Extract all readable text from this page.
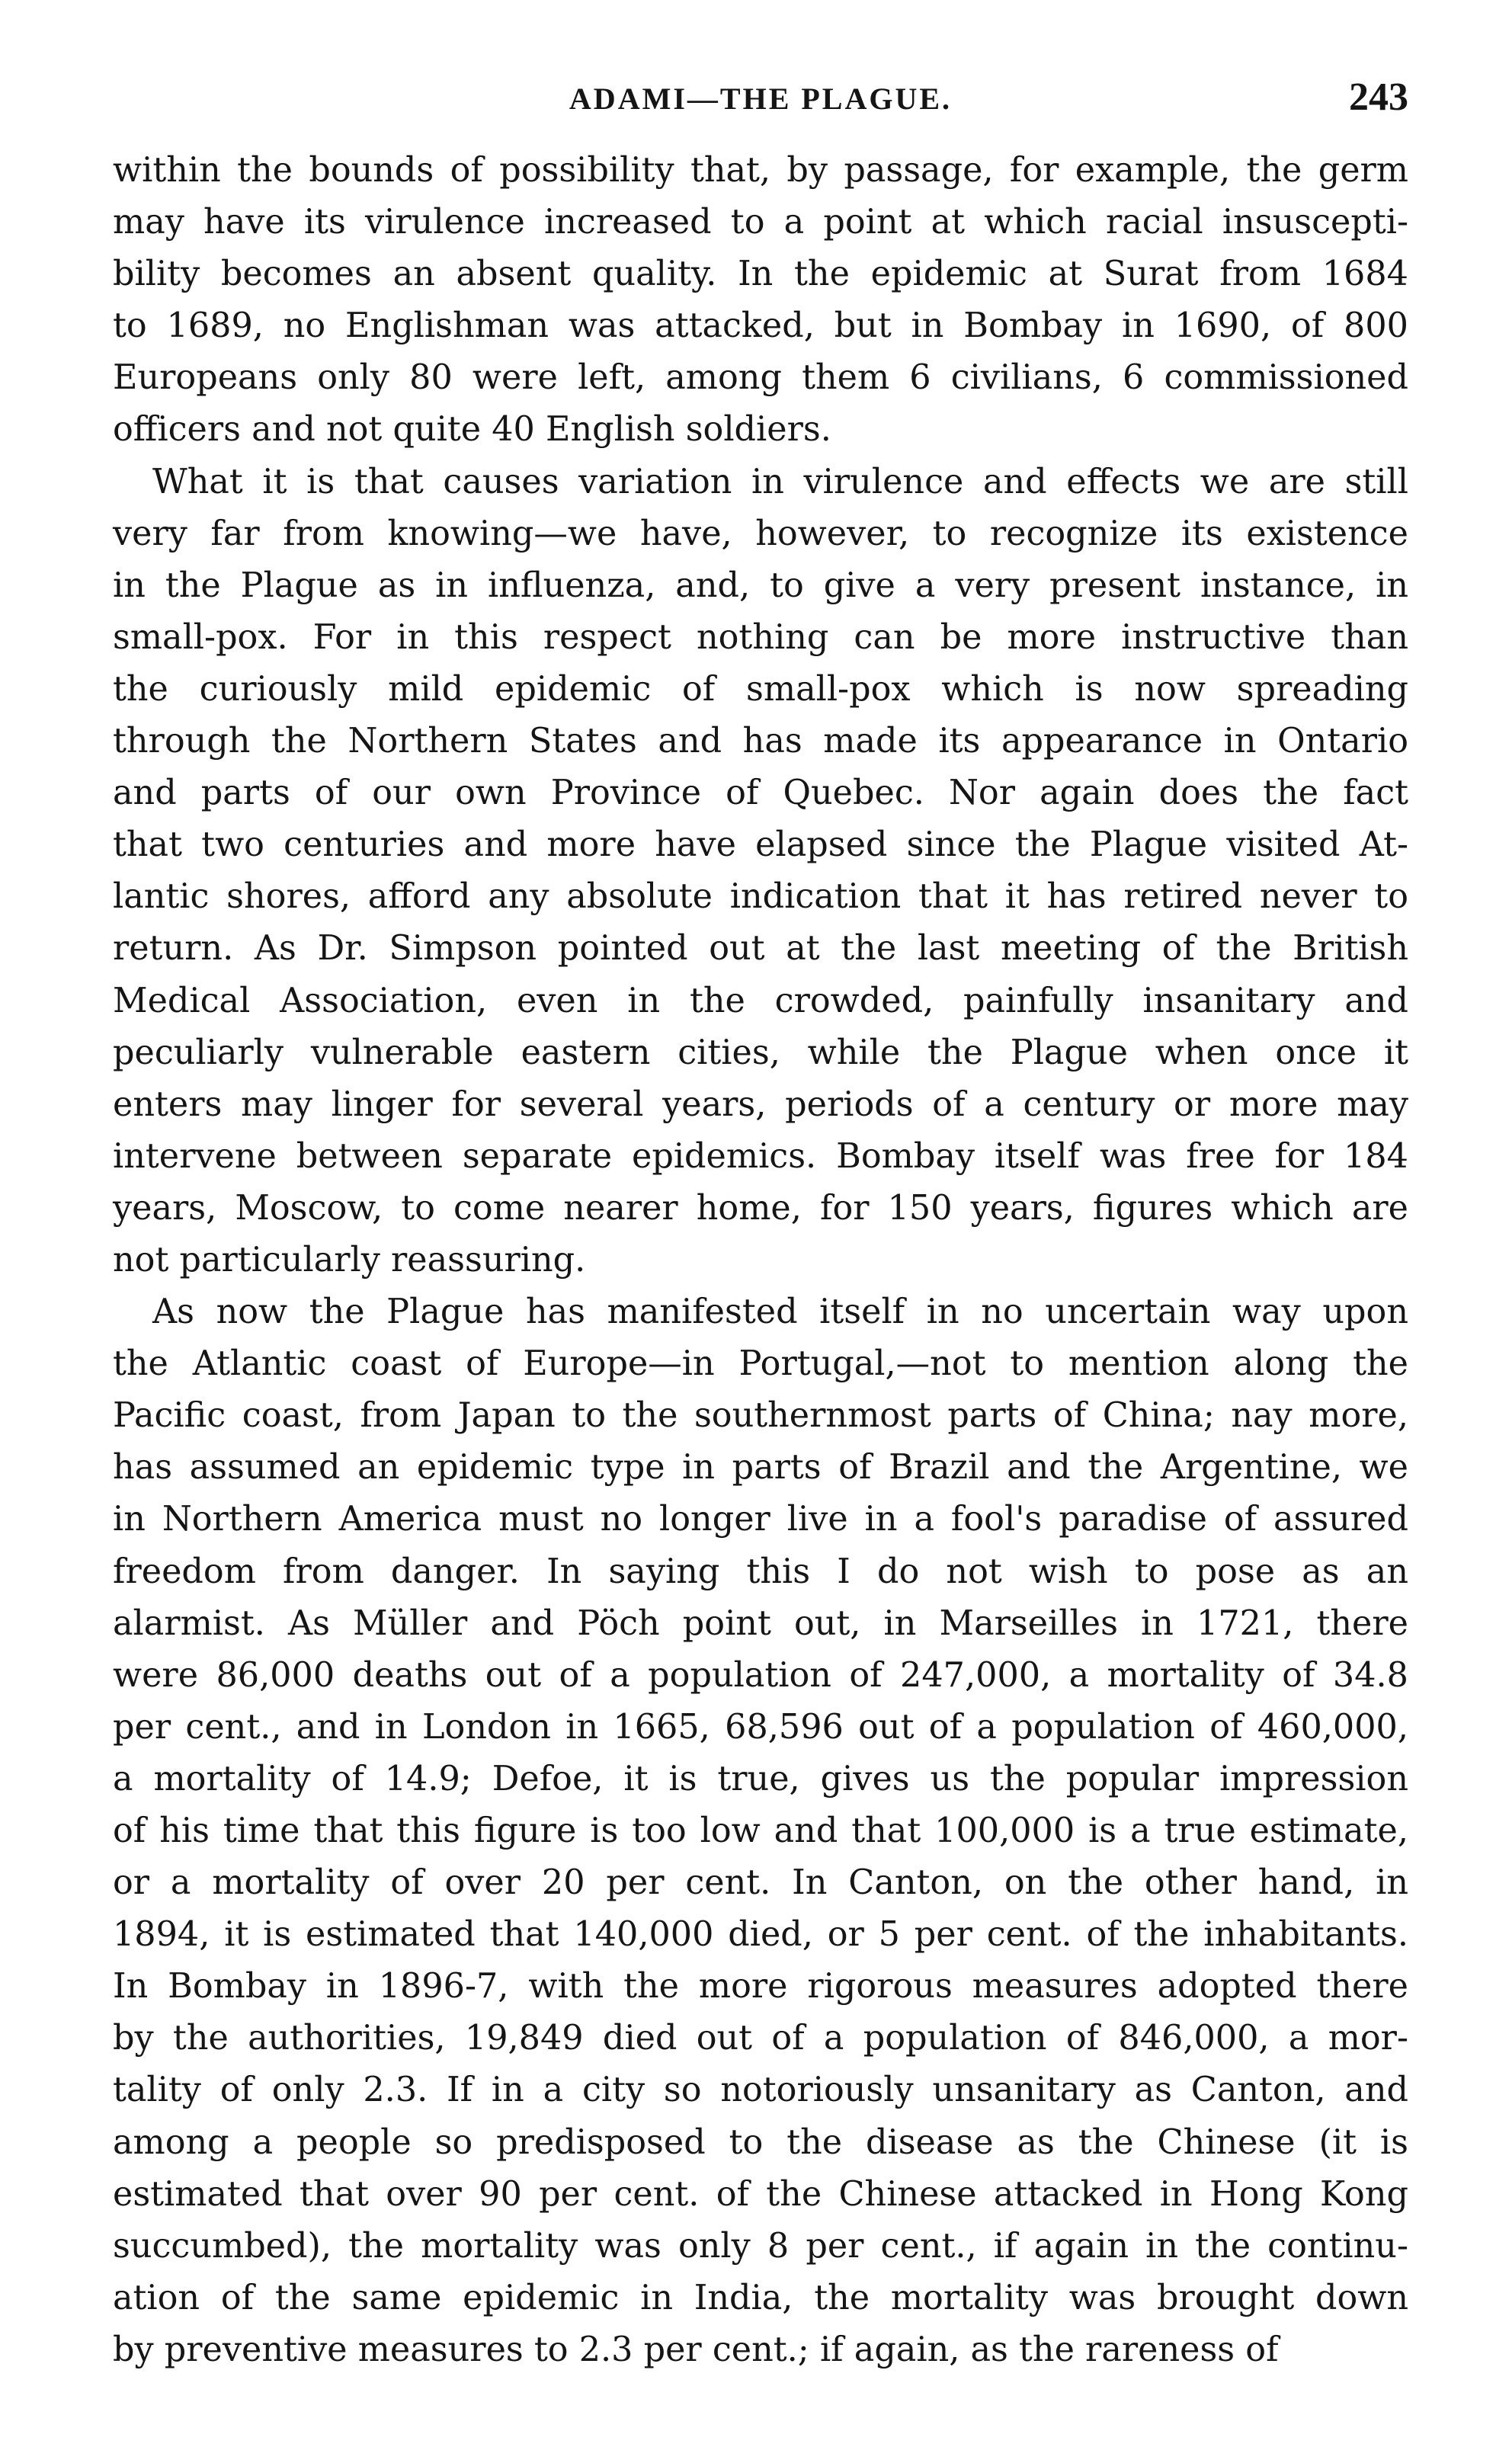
ADAMI—THE PLAGUE.	243
within the bounds of possibility that, by passage, for example, the germ
may have its virulence increased to a point at which racial insuscepti-
bility becomes an absent quality. In the epidemic at Surat from 1684
to 1689, no Englishman was attacked, but in Bombay in 1690, of 800
Europeans only 80 were left, among them 6 civilians, 6 commissioned
officers and not quite 40 English soldiers.
What it is that causes variation in virulence and effects we are still
very far from knowing—we have, however, to recognize its existence
in the Plague as in influenza, and, to give a very present instance, in
small-pox. For in this respect nothing can be more instructive than
the curiously mild epidemic of small-pox which is now spreading
through the Northern States and has made its appearance in Ontario
and parts of our own Province of Quebec. Nor again does the fact
that two centuries and more have elapsed since the Plague visited At-
lantic shores, afford any absolute indication that it has retired never to
return. As Dr. Simpson pointed out at the last meeting of the British
Medical Association, even in the crowded, painfully insanitary and
peculiarly vulnerable eastern cities, while the Plague when once it
enters may linger for several years, periods of a century or more may
intervene between separate epidemics. Bombay itself was free for 184
years, Moscow, to come nearer home, for 150 years, figures which are
not particularly reassuring.
As now the Plague has manifested itself in no uncertain way upon
the Atlantic coast of Europe—in Portugal,—not to mention along the
Pacific coast, from Japan to the southernmost parts of China; nay more,
has assumed an epidemic type in parts of Brazil and the Argentine, we
in Northern America must no longer live in a fool's paradise of assured
freedom from danger. In saying this I do not wish to pose as an
alarmist. As Müller and Pöch point out, in Marseilles in 1721, there
were 86,000 deaths out of a population of 247,000, a mortality of 34.8
per cent., and in London in 1665, 68,596 out of a population of 460,000,
a mortality of 14.9; Defoe, it is true, gives us the popular impression
of his time that this figure is too low and that 100,000 is a true estimate,
or a mortality of over 20 per cent. In Canton, on the other hand, in
1894, it is estimated that 140,000 died, or 5 per cent. of the inhabitants.
In Bombay in 1896-7, with the more rigorous measures adopted there
by the authorities, 19,849 died out of a population of 846,000, a mor-
tality of only 2.3. If in a city so notoriously unsanitary as Canton, and
among a people so predisposed to the disease as the Chinese (it is
estimated that over 90 per cent. of the Chinese attacked in Hong Kong
succumbed), the mortality was only 8 per cent., if again in the continu-
ation of the same epidemic in India, the mortality was brought down
by preventive measures to 2.3 per cent.; if again, as the rareness of
